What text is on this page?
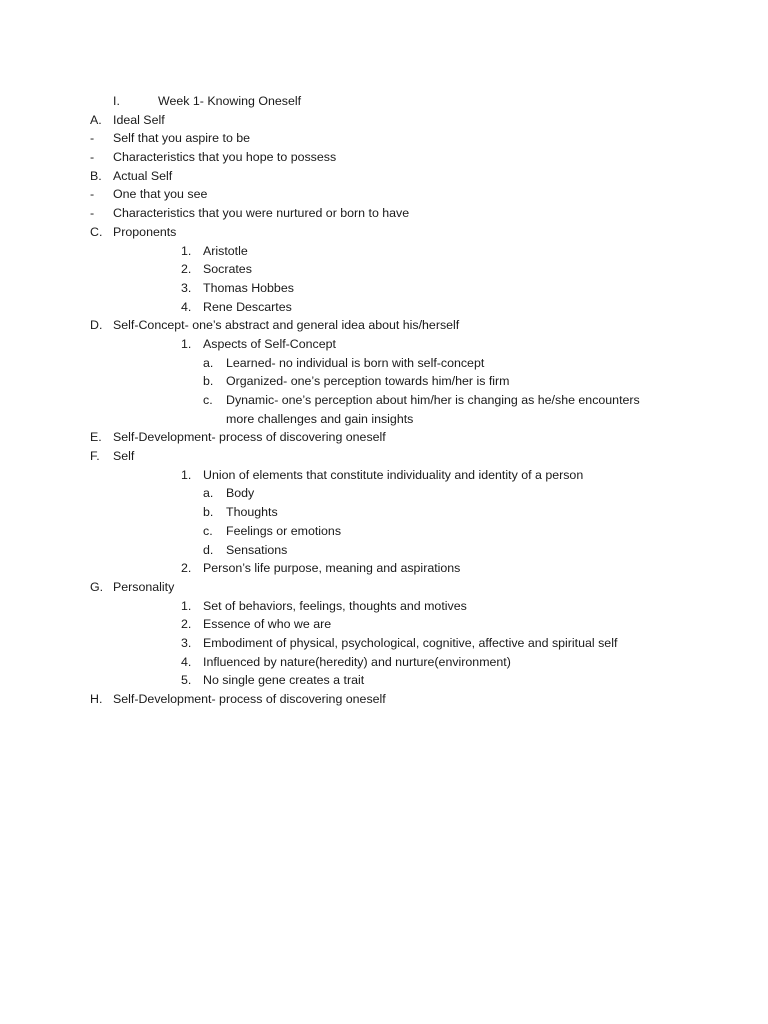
I.	Week 1- Knowing Oneself
A. Ideal Self
- Self that you aspire to be
- Characteristics that you hope to possess
B. Actual Self
- One that you see
- Characteristics that you were nurtured or born to have
C. Proponents
1. Aristotle
2. Socrates
3. Thomas Hobbes
4. Rene Descartes
D. Self-Concept- one’s abstract and general idea about his/herself
1. Aspects of Self-Concept
a. Learned- no individual is born with self-concept
b. Organized- one’s perception towards him/her is firm
c. Dynamic- one’s perception about him/her is changing as he/she encounters
more challenges and gain insights
E. Self-Development- process of discovering oneself
F. Self
1. Union of elements that constitute individuality and identity of a person
a. Body
b. Thoughts
c. Feelings or emotions
d. Sensations
2. Person’s life purpose, meaning and aspirations
G. Personality
1. Set of behaviors, feelings, thoughts and motives
2. Essence of who we are
3. Embodiment of physical, psychological, cognitive, affective and spiritual self
4. Influenced by nature(heredity) and nurture(environment)
5. No single gene creates a trait
H. Self-Development- process of discovering oneself
